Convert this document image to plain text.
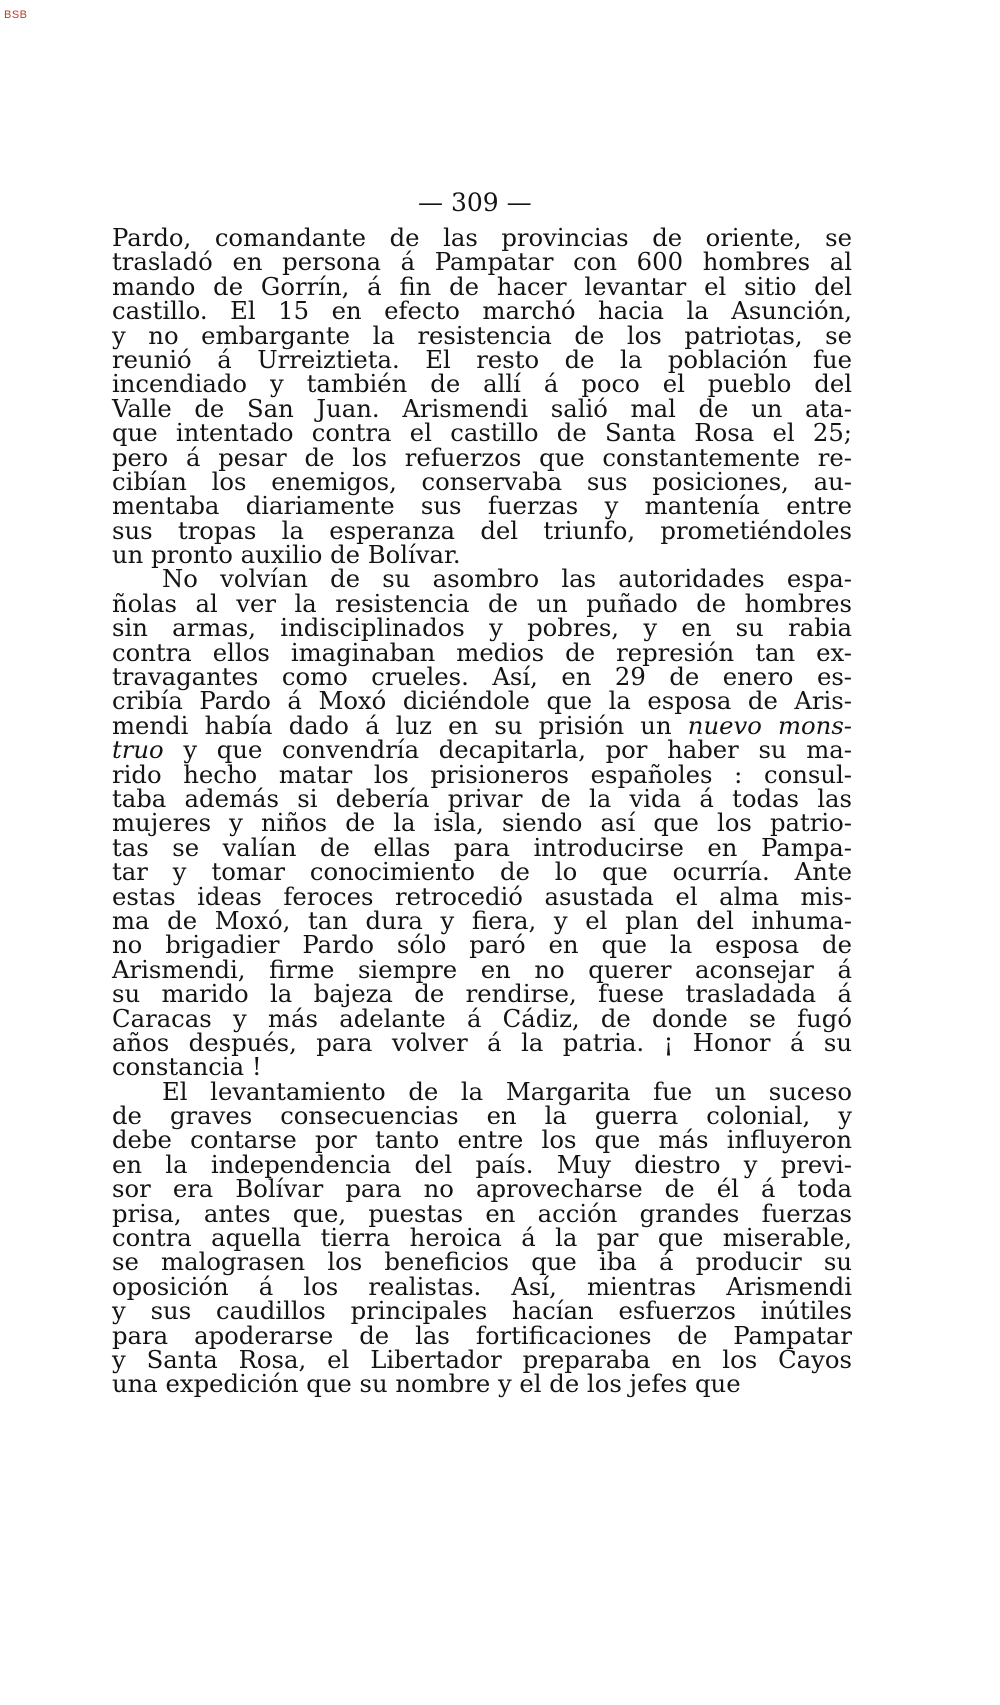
BSB
— 309 —
Pardo, comandante de las provincias de oriente, se
trasladó en persona á Pampatar con 600 hombres al
mando de Gorrín, á fin de hacer levantar el sitio del
castillo. El 15 en efecto marchó hacia la Asunción,
y no embargante la resistencia de los patriotas, se
reunió á Urreiztieta. El resto de la población fue
incendiado y también de allí á poco el pueblo del
Valle de San Juan. Arismendi salió mal de un ata-
que intentado contra el castillo de Santa Rosa el 25;
pero á pesar de los refuerzos que constantemente re-
cibían los enemigos, conservaba sus posiciones, au-
mentaba diariamente sus fuerzas y mantenía entre
sus tropas la esperanza del triunfo, prometiéndoles
un pronto auxilio de Bolívar.
No volvían de su asombro las autoridades espa-
ñolas al ver la resistencia de un puñado de hombres
sin armas, indisciplinados y pobres, y en su rabia
contra ellos imaginaban medios de represión tan ex-
travagantes como crueles. Así, en 29 de enero es-
cribía Pardo á Moxó diciéndole que la esposa de Aris-
mendi había dado á luz en su prisión un nuevo mons-
truo y que convendría decapitarla, por haber su ma-
rido hecho matar los prisioneros españoles : consul-
taba además si debería privar de la vida á todas las
mujeres y niños de la isla, siendo así que los patrio-
tas se valían de ellas para introducirse en Pampa-
tar y tomar conocimiento de lo que ocurría. Ante
estas ideas feroces retrocedió asustada el alma mis-
ma de Moxó, tan dura y fiera, y el plan del inhuma-
no brigadier Pardo sólo paró en que la esposa de
Arismendi, firme siempre en no querer aconsejar á
su marido la bajeza de rendirse, fuese trasladada á
Caracas y más adelante á Cádiz, de donde se fugó
años después, para volver á la patria. ¡ Honor á su
constancia !
El levantamiento de la Margarita fue un suceso
de graves consecuencias en la guerra colonial, y
debe contarse por tanto entre los que más influyeron
en la independencia del país. Muy diestro y previ-
sor era Bolívar para no aprovecharse de él á toda
prisa, antes que, puestas en acción grandes fuerzas
contra aquella tierra heroica á la par que miserable,
se malograsen los beneficios que iba á producir su
oposición á los realistas. Así, mientras Arismendi
y sus caudillos principales hacían esfuerzos inútiles
para apoderarse de las fortificaciones de Pampatar
y Santa Rosa, el Libertador preparaba en los Cayos
una expedición que su nombre y el de los jefes que
